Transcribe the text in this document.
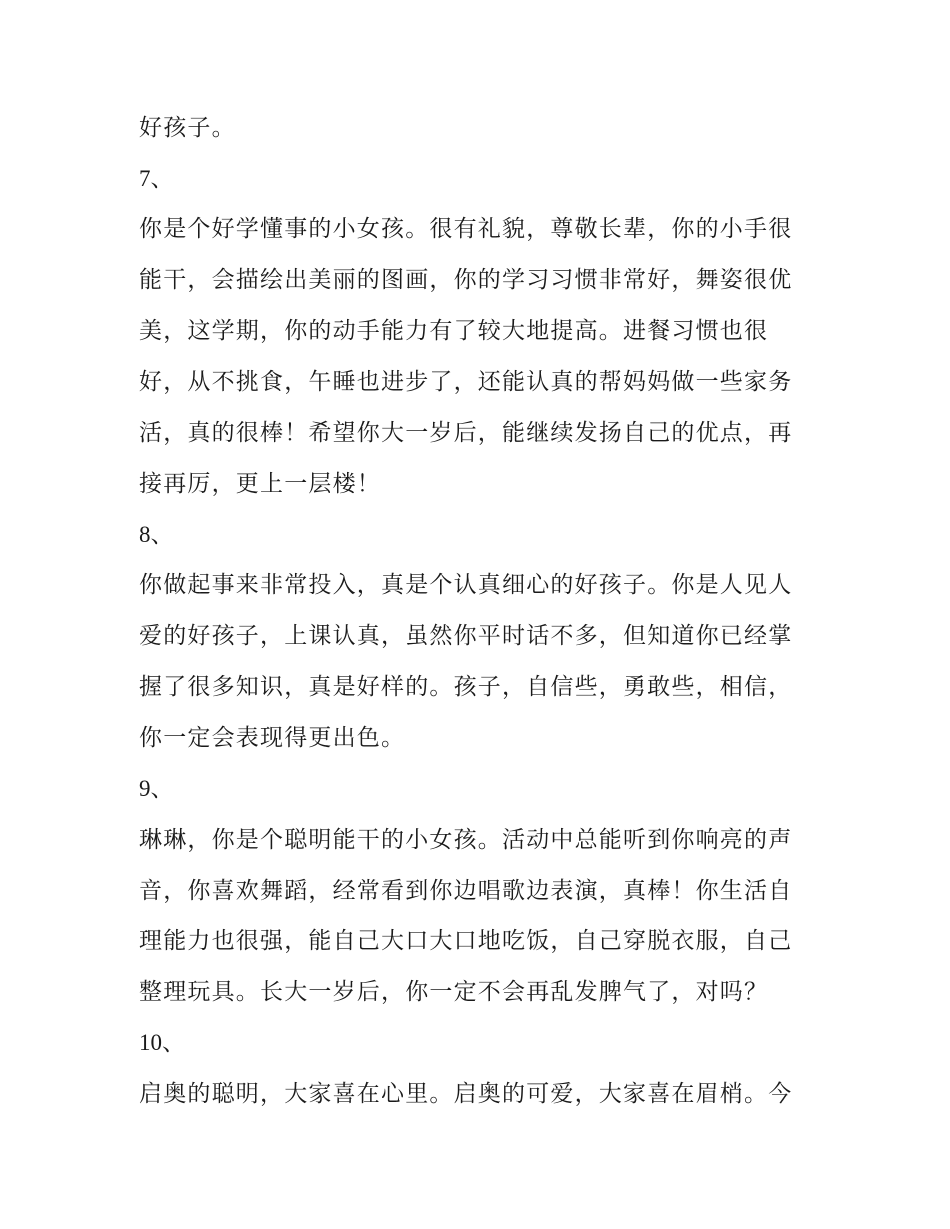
好孩子。
7、
你是个好学懂事的小女孩。很有礼貌，尊敬长辈，你的小手很
能干，会描绘出美丽的图画，你的学习习惯非常好，舞姿很优
美，这学期，你的动手能力有了较大地提高。进餐习惯也很
好，从不挑食，午睡也进步了，还能认真的帮妈妈做一些家务
活，真的很棒！希望你大一岁后，能继续发扬自己的优点，再
接再厉，更上一层楼！
8、
你做起事来非常投入，真是个认真细心的好孩子。你是人见人
爱的好孩子，上课认真，虽然你平时话不多，但知道你已经掌
握了很多知识，真是好样的。孩子，自信些，勇敢些，相信，
你一定会表现得更出色。
9、
琳琳，你是个聪明能干的小女孩。活动中总能听到你响亮的声
音，你喜欢舞蹈，经常看到你边唱歌边表演，真棒！你生活自
理能力也很强，能自己大口大口地吃饭，自己穿脱衣服，自己
整理玩具。长大一岁后，你一定不会再乱发脾气了，对吗？
10、
启奥的聪明，大家喜在心里。启奥的可爱，大家喜在眉梢。今
